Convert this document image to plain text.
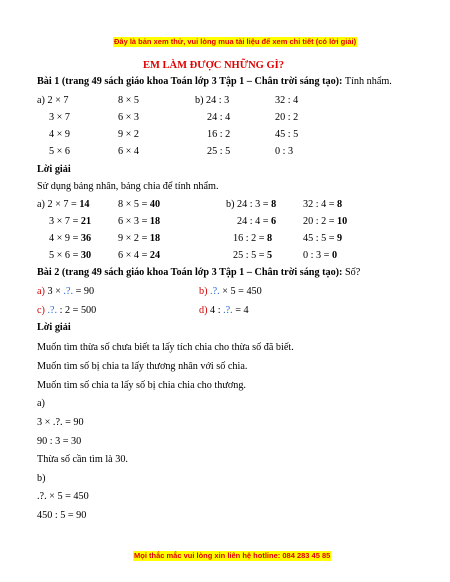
Đây là bản xem thử, vui lòng mua tài liệu để xem chi tiết (có lời giải)
EM LÀM ĐƯỢC NHỮNG GÌ?
Bài 1 (trang 49 sách giáo khoa Toán lớp 3 Tập 1 – Chân trời sáng tạo): Tính nhẩm.
a) 2 × 7	8 × 5	b) 24 : 3	32 : 4
3 × 7	6 × 3	24 : 4	20 : 2
4 × 9	9 × 2	16 : 2	45 : 5
5 × 6	6 × 4	25 : 5	0 : 3
Lời giải
Sử dụng bảng nhân, bảng chia để tính nhẩm.
a) 2 × 7 = 14	8 × 5 = 40	b) 24 : 3 = 8	32 : 4 = 8
3 × 7 = 21	6 × 3 = 18	24 : 4 = 6	20 : 2 = 10
4 × 9 = 36	9 × 2 = 18	16 : 2 = 8	45 : 5 = 9
5 × 6 = 30	6 × 4 = 24	25 : 5 = 5	0 : 3 = 0
Bài 2 (trang 49 sách giáo khoa Toán lớp 3 Tập 1 – Chân trời sáng tạo): Số?
a) 3 × .?. = 90	b) .?. × 5 = 450
c) .?. : 2 = 500	d) 4 : .?. = 4
Lời giải
Muốn tìm thừa số chưa biết ta lấy tích chia cho thừa số đã biết.
Muốn tìm số bị chia ta lấy thương nhân với số chia.
Muốn tìm số chia ta lấy số bị chia chia cho thương.
a)
3 × .?. = 90
90 : 3 = 30
Thừa số cần tìm là 30.
b)
.?. × 5 = 450
450 : 5 = 90
Mọi thắc mắc vui lòng xin liên hệ hotline: 084 283 45 85
